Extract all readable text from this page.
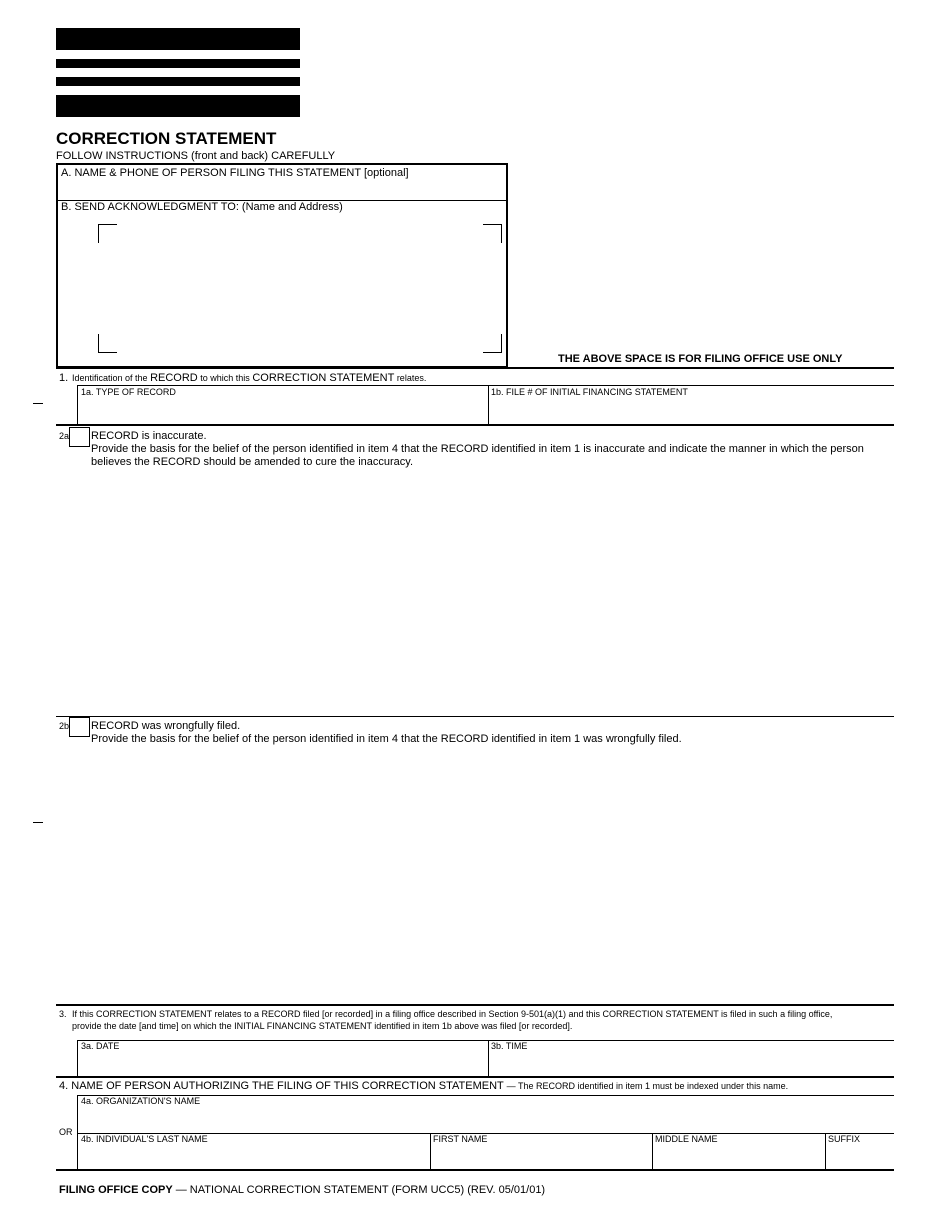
CORRECTION STATEMENT
FOLLOW INSTRUCTIONS (front and back) CAREFULLY
A. NAME & PHONE OF PERSON FILING THIS STATEMENT [optional]
B. SEND ACKNOWLEDGMENT TO: (Name and Address)
THE ABOVE SPACE IS FOR FILING OFFICE USE ONLY
1. Identification of the RECORD to which this CORRECTION STATEMENT relates.
1a. TYPE OF RECORD	1b. FILE # OF INITIAL FINANCING STATEMENT
2a RECORD is inaccurate.
Provide the basis for the belief of the person identified in item 4 that the RECORD identified in item 1 is inaccurate and indicate the manner in which the person
believes the RECORD should be amended to cure the inaccuracy.
2b RECORD was wrongfully filed.
Provide the basis for the belief of the person identified in item 4 that the RECORD identified in item 1 was wrongfully filed.
3. If this CORRECTION STATEMENT relates to a RECORD filed [or recorded] in a filing office described in Section 9-501(a)(1) and this CORRECTION STATEMENT is filed in such a filing office,
provide the date [and time] on which the INITIAL FINANCING STATEMENT identified in item 1b above was filed [or recorded].
3a. DATE	3b. TIME
4. NAME OF PERSON AUTHORIZING THE FILING OF THIS CORRECTION STATEMENT — The RECORD identified in item 1 must be indexed under this name.
4a. ORGANIZATION'S NAME
OR
4b. INDIVIDUAL'S LAST NAME	FIRST NAME	MIDDLE NAME	SUFFIX
FILING OFFICE COPY — NATIONAL CORRECTION STATEMENT (FORM UCC5) (REV. 05/01/01)
